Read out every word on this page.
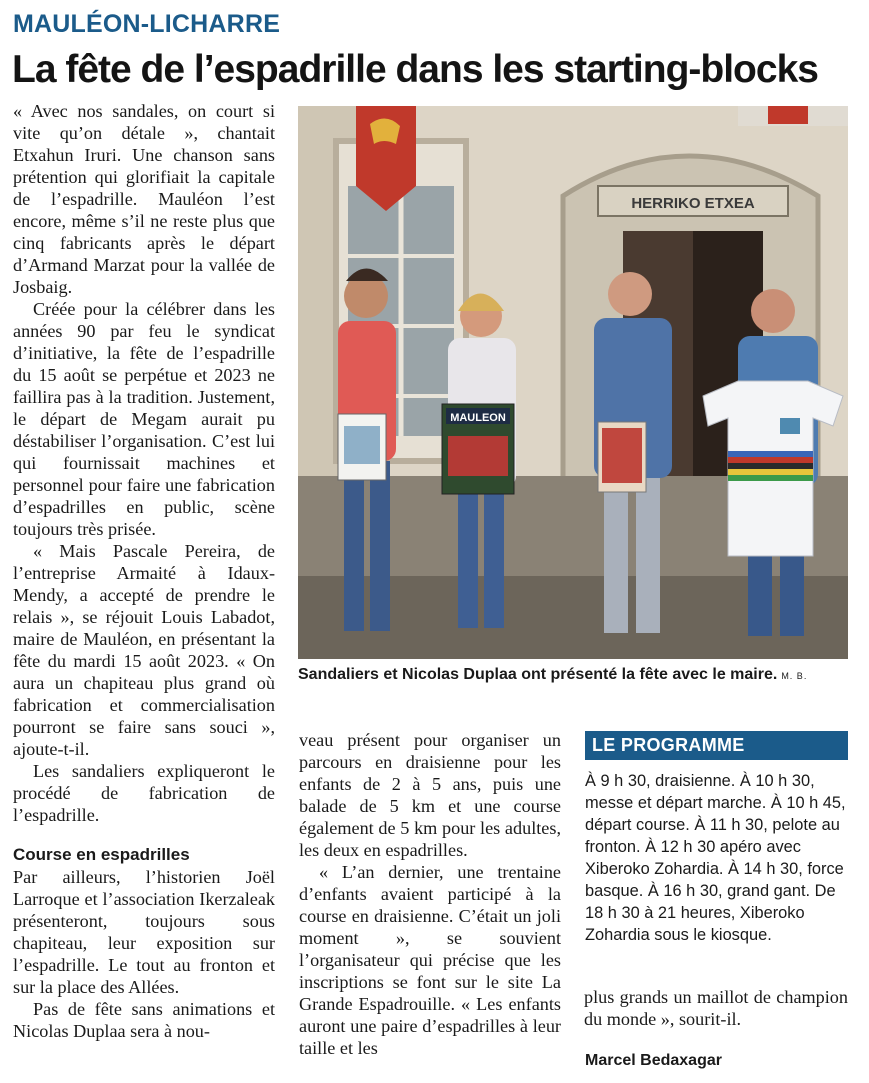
MAULÉON-LICHARRE
La fête de l’espadrille dans les starting-blocks

« Avec nos sandales, on court si vite qu’on détale », chantait Etxahun Iruri. Une chanson sans prétention qui glorifiait la capitale de l’espadrille. Mauléon l’est encore, même s’il ne reste plus que cinq fabricants après le départ d’Armand Marzat pour la vallée de Josbaig.

Créée pour la célébrer dans les années 90 par feu le syndicat d’initiative, la fête de l’espadrille du 15 août se perpétue et 2023 ne faillira pas à la tradition. Justement, le départ de Megam aurait pu déstabiliser l’organisation. C’est lui qui fournissait machines et personnel pour faire une fabrication d’espadrilles en public, scène toujours très prisée.

« Mais Pascale Pereira, de l’entreprise Armaité à Idaux-Mendy, a accepté de prendre le relais », se réjouit Louis Labadot, maire de Mauléon, en présentant la fête du mardi 15 août 2023. « On aura un chapiteau plus grand où fabrication et commercialisation pourront se faire sans souci », ajoute-t-il.

Les sandaliers expliqueront le procédé de fabrication de l’espadrille.

Course en espadrilles

Par ailleurs, l’historien Joël Larroque et l’association Ikerzaleak présenteront, toujours sous chapiteau, leur exposition sur l’espadrille. Le tout au fronton et sur la place des Allées.

Pas de fête sans animations et Nicolas Duplaa sera à nou-

HERRIKO ETXEA
MAULEON
Sandaliers et Nicolas Duplaa ont présenté la fête avec le maire. M. B.

veau présent pour organiser un parcours en draisienne pour les enfants de 2 à 5 ans, puis une balade de 5 km et une course également de 5 km pour les adultes, les deux en espadrilles.

« L’an dernier, une trentaine d’enfants avaient participé à la course en draisienne. C’était un joli moment », se souvient l’organisateur qui précise que les inscriptions se font sur le site La Grande Espadrouille. « Les enfants auront une paire d’espadrilles à leur taille et les

LE PROGRAMME
À 9 h 30, draisienne. À 10 h 30, messe et départ marche. À 10 h 45, départ course. À 11 h 30, pelote au fronton. À 12 h 30 apéro avec Xiberoko Zohardia. À 14 h 30, force basque. À 16 h 30, grand gant. De 18 h 30 à 21 heures, Xiberoko Zohardia sous le kiosque.

plus grands un maillot de champion du monde », sourit-il.

Marcel Bedaxagar
